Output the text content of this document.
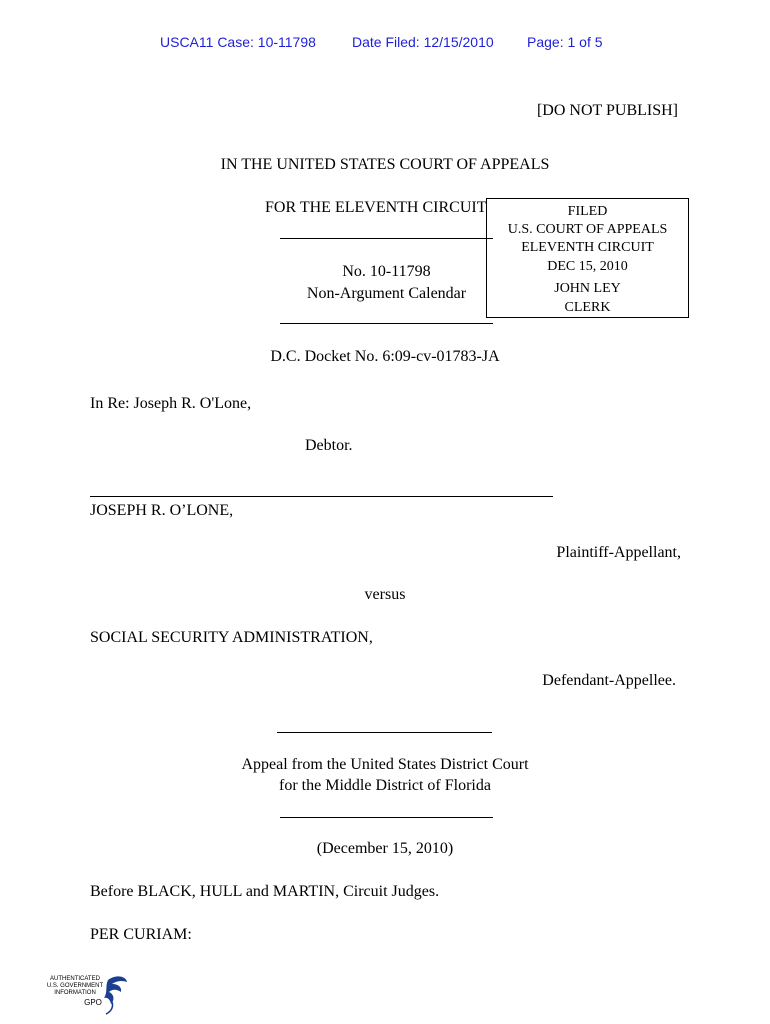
USCA11 Case: 10-11798	Date Filed: 12/15/2010 Page: 1 of 5
[DO NOT PUBLISH]
IN THE UNITED STATES COURT OF APPEALS
FOR THE ELEVENTH CIRCUIT
No. 10-11798
Non-Argument Calendar
FILED
U.S. COURT OF APPEALS
ELEVENTH CIRCUIT
DEC 15, 2010
JOHN LEY
CLERK
D.C. Docket No. 6:09-cv-01783-JA
In Re: Joseph R. O'Lone,
Debtor.
JOSEPH R. O’LONE,
Plaintiff-Appellant,
versus
SOCIAL SECURITY ADMINISTRATION,
Defendant-Appellee.
Appeal from the United States District Court
for the Middle District of Florida
(December 15, 2010)
Before BLACK, HULL and MARTIN, Circuit Judges.
PER CURIAM:
AUTHENTICATED
U.S. GOVERNMENT
INFORMATION
GPO
